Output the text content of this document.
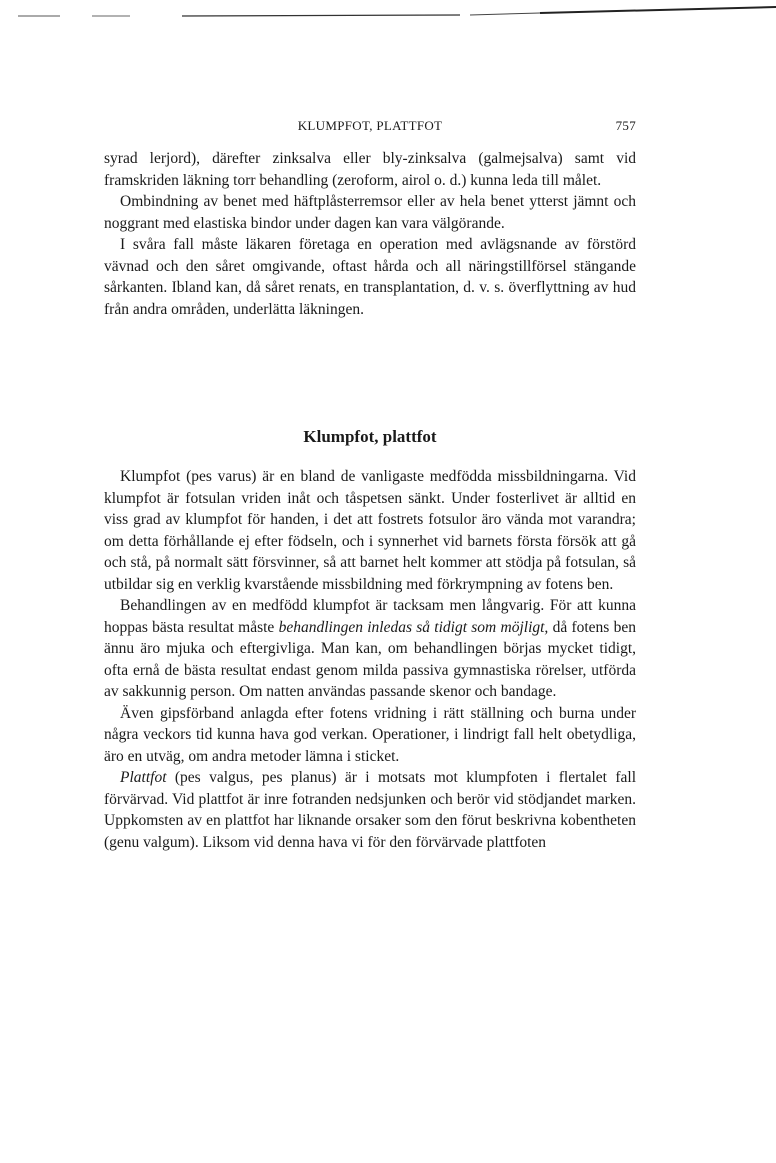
KLUMPFOT, PLATTFOT	757

syrad lerjord), därefter zinksalva eller bly-zinksalva (galmejsalva) samt vid framskriden läkning torr behandling (zeroform, airol o. d.) kunna leda till målet.

Ombindning av benet med häftplåsterremsor eller av hela benet ytterst jämnt och noggrant med elastiska bindor under dagen kan vara välgörande.

I svåra fall måste läkaren företaga en operation med avlägsnande av förstörd vävnad och den såret omgivande, oftast hårda och all näringstillförsel stängande sårkanten. Ibland kan, då såret renats, en transplantation, d. v. s. överflyttning av hud från andra områden, underlätta läkningen.

Klumpfot, plattfot

Klumpfot (pes varus) är en bland de vanligaste medfödda missbildningarna. Vid klumpfot är fotsulan vriden inåt och tåspetsen sänkt. Under fosterlivet är alltid en viss grad av klumpfot för handen, i det att fostrets fotsulor äro vända mot varandra; om detta förhållande ej efter födseln, och i synnerhet vid barnets första försök att gå och stå, på normalt sätt försvinner, så att barnet helt kommer att stödja på fotsulan, så utbildar sig en verklig kvarstående missbildning med förkrympning av fotens ben.

Behandlingen av en medfödd klumpfot är tacksam men långvarig. För att kunna hoppas bästa resultat måste behandlingen inledas så tidigt som möjligt, då fotens ben ännu äro mjuka och eftergivliga. Man kan, om behandlingen börjas mycket tidigt, ofta ernå de bästa resultat endast genom milda passiva gymnastiska rörelser, utförda av sakkunnig person. Om natten användas passande skenor och bandage.

Även gipsförband anlagda efter fotens vridning i rätt ställning och burna under några veckors tid kunna hava god verkan. Operationer, i lindrigt fall helt obetydliga, äro en utväg, om andra metoder lämna i sticket.

Plattfot (pes valgus, pes planus) är i motsats mot klumpfoten i flertalet fall förvärvad. Vid plattfot är inre fotranden nedsjunken och berör vid stödjandet marken. Uppkomsten av en plattfot har liknande orsaker som den förut beskrivna kobentheten (genu valgum). Liksom vid denna hava vi för den förvärvade plattfoten
